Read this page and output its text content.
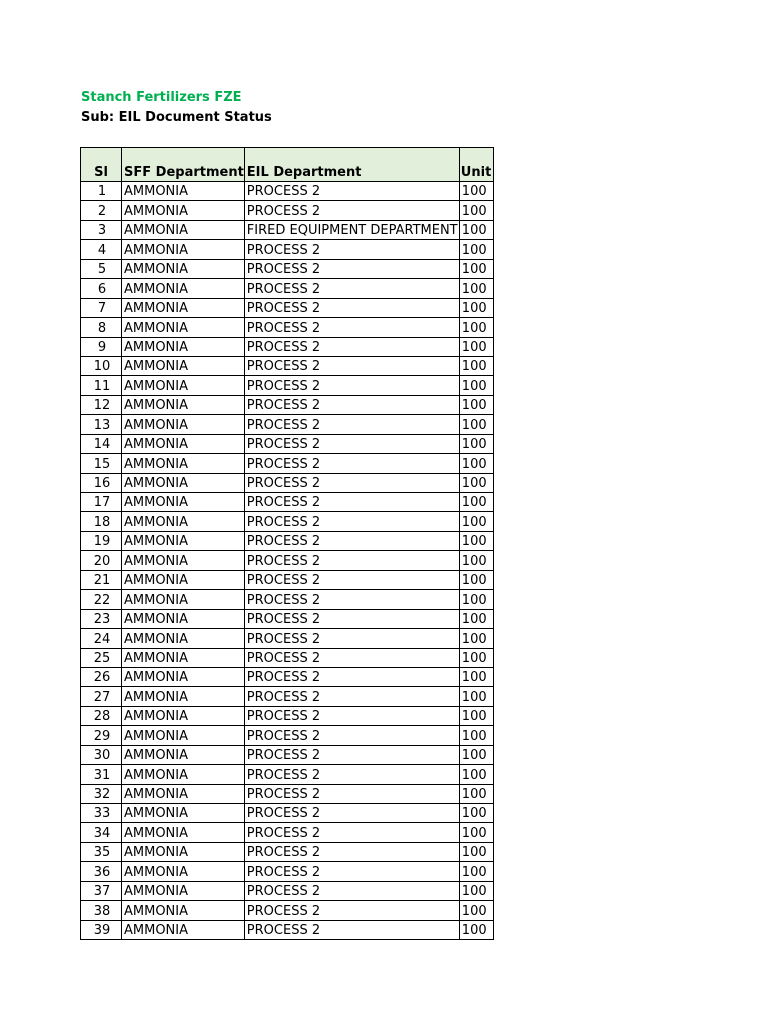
Stanch Fertilizers FZE
Sub: EIL Document Status
Sl	SFF Department	EIL Department	Unit
1	AMMONIA	PROCESS 2	100
2	AMMONIA	PROCESS 2	100
3	AMMONIA	FIRED EQUIPMENT DEPARTMENT	100
4	AMMONIA	PROCESS 2	100
5	AMMONIA	PROCESS 2	100
6	AMMONIA	PROCESS 2	100
7	AMMONIA	PROCESS 2	100
8	AMMONIA	PROCESS 2	100
9	AMMONIA	PROCESS 2	100
10	AMMONIA	PROCESS 2	100
11	AMMONIA	PROCESS 2	100
12	AMMONIA	PROCESS 2	100
13	AMMONIA	PROCESS 2	100
14	AMMONIA	PROCESS 2	100
15	AMMONIA	PROCESS 2	100
16	AMMONIA	PROCESS 2	100
17	AMMONIA	PROCESS 2	100
18	AMMONIA	PROCESS 2	100
19	AMMONIA	PROCESS 2	100
20	AMMONIA	PROCESS 2	100
21	AMMONIA	PROCESS 2	100
22	AMMONIA	PROCESS 2	100
23	AMMONIA	PROCESS 2	100
24	AMMONIA	PROCESS 2	100
25	AMMONIA	PROCESS 2	100
26	AMMONIA	PROCESS 2	100
27	AMMONIA	PROCESS 2	100
28	AMMONIA	PROCESS 2	100
29	AMMONIA	PROCESS 2	100
30	AMMONIA	PROCESS 2	100
31	AMMONIA	PROCESS 2	100
32	AMMONIA	PROCESS 2	100
33	AMMONIA	PROCESS 2	100
34	AMMONIA	PROCESS 2	100
35	AMMONIA	PROCESS 2	100
36	AMMONIA	PROCESS 2	100
37	AMMONIA	PROCESS 2	100
38	AMMONIA	PROCESS 2	100
39	AMMONIA	PROCESS 2	100
